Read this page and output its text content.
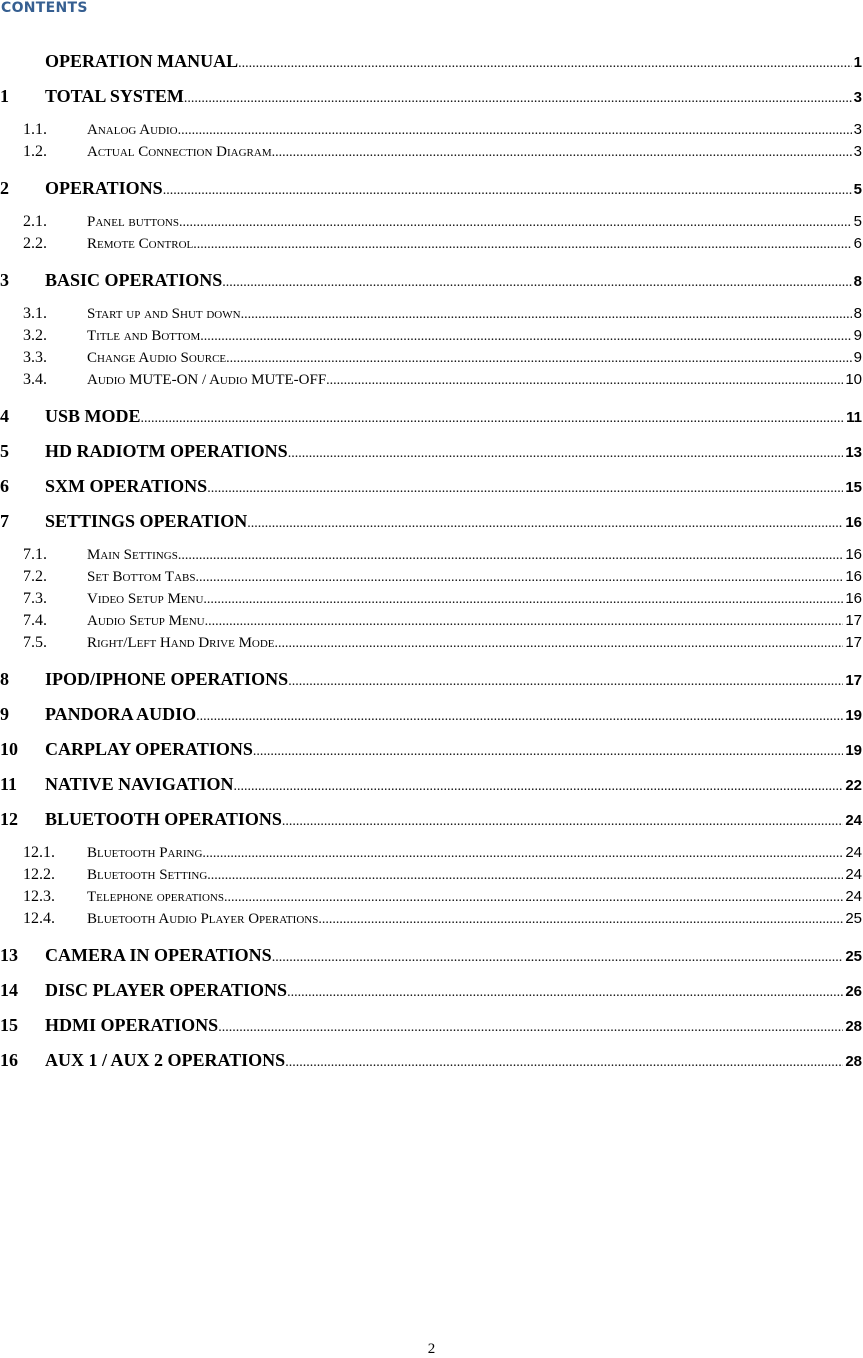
CONTENTS
OPERATION MANUAL .....	1
1	TOTAL SYSTEM .....	3
1.1.	Analog Audio .....	3
1.2.	Actual Connection Diagram .....	3
2	OPERATIONS .....	5
2.1.	Panel buttons .....	5
2.2.	Remote Control .....	6
3	BASIC OPERATIONS .....	8
3.1.	Start up and Shut down .....	8
3.2.	Title and Bottom .....	9
3.3.	Change Audio Source .....	9
3.4.	Audio MUTE-ON / Audio MUTE-OFF .....	10
4	USB MODE .....	11
5	HD RADIOTM OPERATIONS .....	13
6	SXM OPERATIONS .....	15
7	SETTINGS OPERATION .....	16
7.1.	Main Settings .....	16
7.2.	Set Bottom Tabs .....	16
7.3.	Video Setup Menu .....	16
7.4.	Audio Setup Menu .....	17
7.5.	Right/Left Hand Drive Mode .....	17
8	IPOD/IPHONE OPERATIONS .....	17
9	PANDORA AUDIO .....	19
10	CARPLAY OPERATIONS .....	19
11	NATIVE NAVIGATION .....	22
12	BLUETOOTH OPERATIONS .....	24
12.1.	Bluetooth Paring .....	24
12.2.	Bluetooth Setting .....	24
12.3.	Telephone operations .....	24
12.4.	Bluetooth Audio Player Operations .....	25
13	CAMERA IN OPERATIONS .....	25
14	DISC PLAYER OPERATIONS .....	26
15	HDMI OPERATIONS .....	28
16	AUX 1 / AUX 2 OPERATIONS .....	28
2
